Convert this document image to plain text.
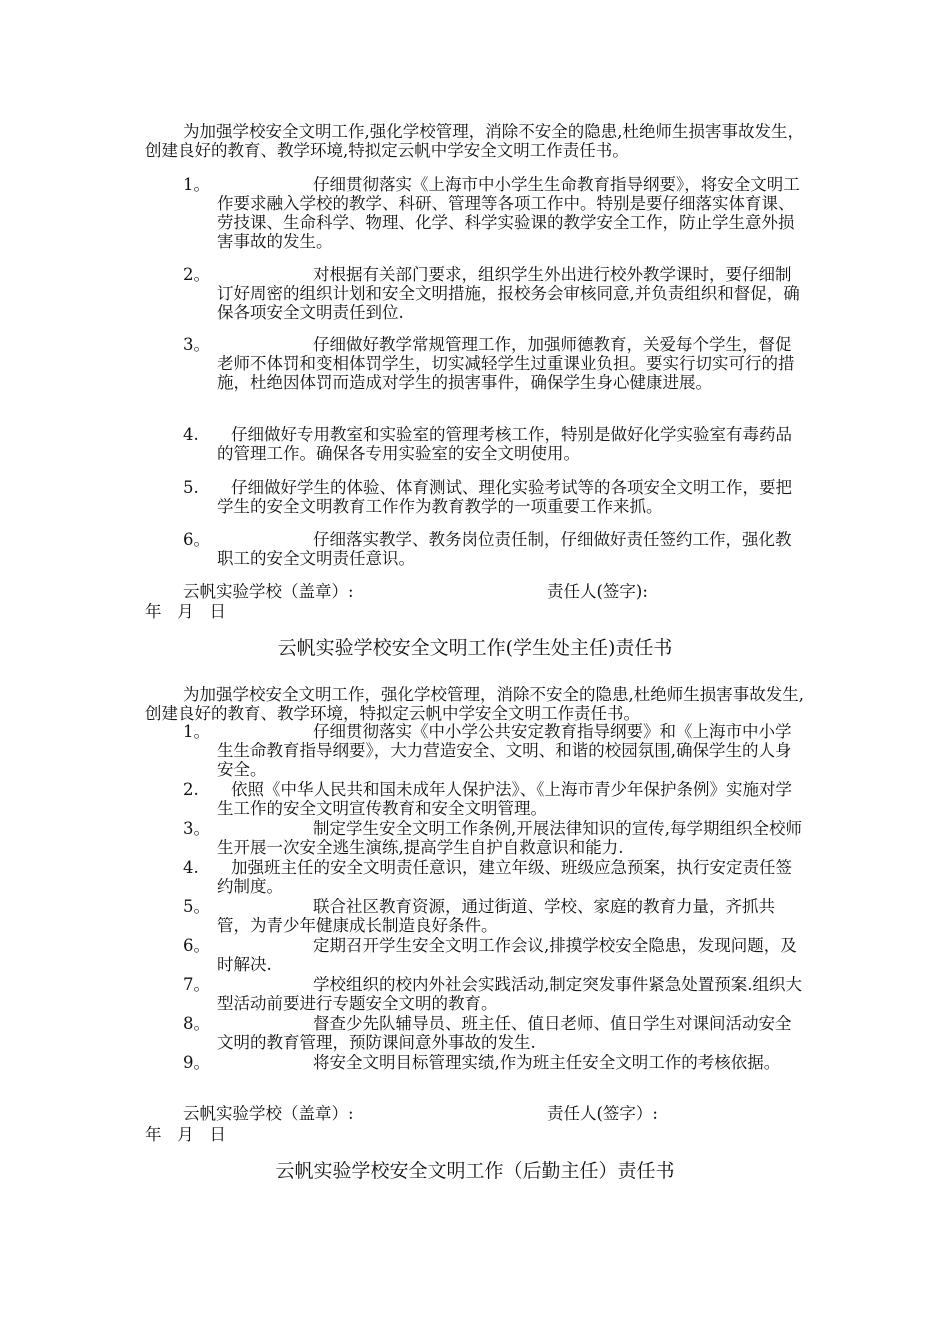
为加强学校安全文明工作,强化学校管理，消除不安全的隐患,杜绝师生损害事故发生，创建良好的教育、教学环境,特拟定云帆中学安全文明工作责任书。

1。	仔细贯彻落实《上海市中小学生生命教育指导纲要》，将安全文明工作要求融入学校的教学、科研、管理等各项工作中。特别是要仔细落实体育课、劳技课、生命科学、物理、化学、科学实验课的教学安全工作，防止学生意外损害事故的发生。

2。	对根据有关部门要求，组织学生外出进行校外教学课时，要仔细制订好周密的组织计划和安全文明措施，报校务会审核同意,并负责组织和督促，确保各项安全文明责任到位.

3。	仔细做好教学常规管理工作，加强师德教育，关爱每个学生，督促老师不体罚和变相体罚学生，切实减轻学生过重课业负担。要实行切实可行的措施，杜绝因体罚而造成对学生的损害事件，确保学生身心健康进展。

4.	仔细做好专用教室和实验室的管理考核工作，特别是做好化学实验室有毒药品的管理工作。确保各专用实验室的安全文明使用。

5.	仔细做好学生的体验、体育测试、理化实验考试等的各项安全文明工作，要把学生的安全文明教育工作作为教育教学的一项重要工作来抓。

6。	仔细落实教学、教务岗位责任制，仔细做好责任签约工作，强化教职工的安全文明责任意识。

云帆实验学校（盖章）:	责任人(签字):
年   月   日
云帆实验学校安全文明工作(学生处主任)责任书

为加强学校安全文明工作，强化学校管理，消除不安全的隐患,杜绝师生损害事故发生,创建良好的教育、教学环境，特拟定云帆中学安全文明工作责任书。

1。	仔细贯彻落实《中小学公共安定教育指导纲要》和《上海市中小学生生命教育指导纲要》，大力营造安全、文明、和谐的校园氛围,确保学生的人身安全。

2.	依照《中华人民共和国未成年人保护法》、《上海市青少年保护条例》实施对学生工作的安全文明宣传教育和安全文明管理。

3。	制定学生安全文明工作条例,开展法律知识的宣传,每学期组织全校师生开展一次安全逃生演练,提高学生自护自救意识和能力.

4.	加强班主任的安全文明责任意识，建立年级、班级应急预案，执行安定责任签约制度。

5。	联合社区教育资源，通过街道、学校、家庭的教育力量，齐抓共管，为青少年健康成长制造良好条件。

6。	定期召开学生安全文明工作会议,排摸学校安全隐患，发现问题，及时解决.

7。	学校组织的校内外社会实践活动,制定突发事件紧急处置预案.组织大型活动前要进行专题安全文明的教育。

8。	督查少先队辅导员、班主任、值日老师、值日学生对课间活动安全文明的教育管理，预防课间意外事故的发生.

9。	将安全文明目标管理实绩,作为班主任安全文明工作的考核依据。

云帆实验学校（盖章）:	责任人(签字）:
年   月   日
云帆实验学校安全文明工作（后勤主任）责任书
